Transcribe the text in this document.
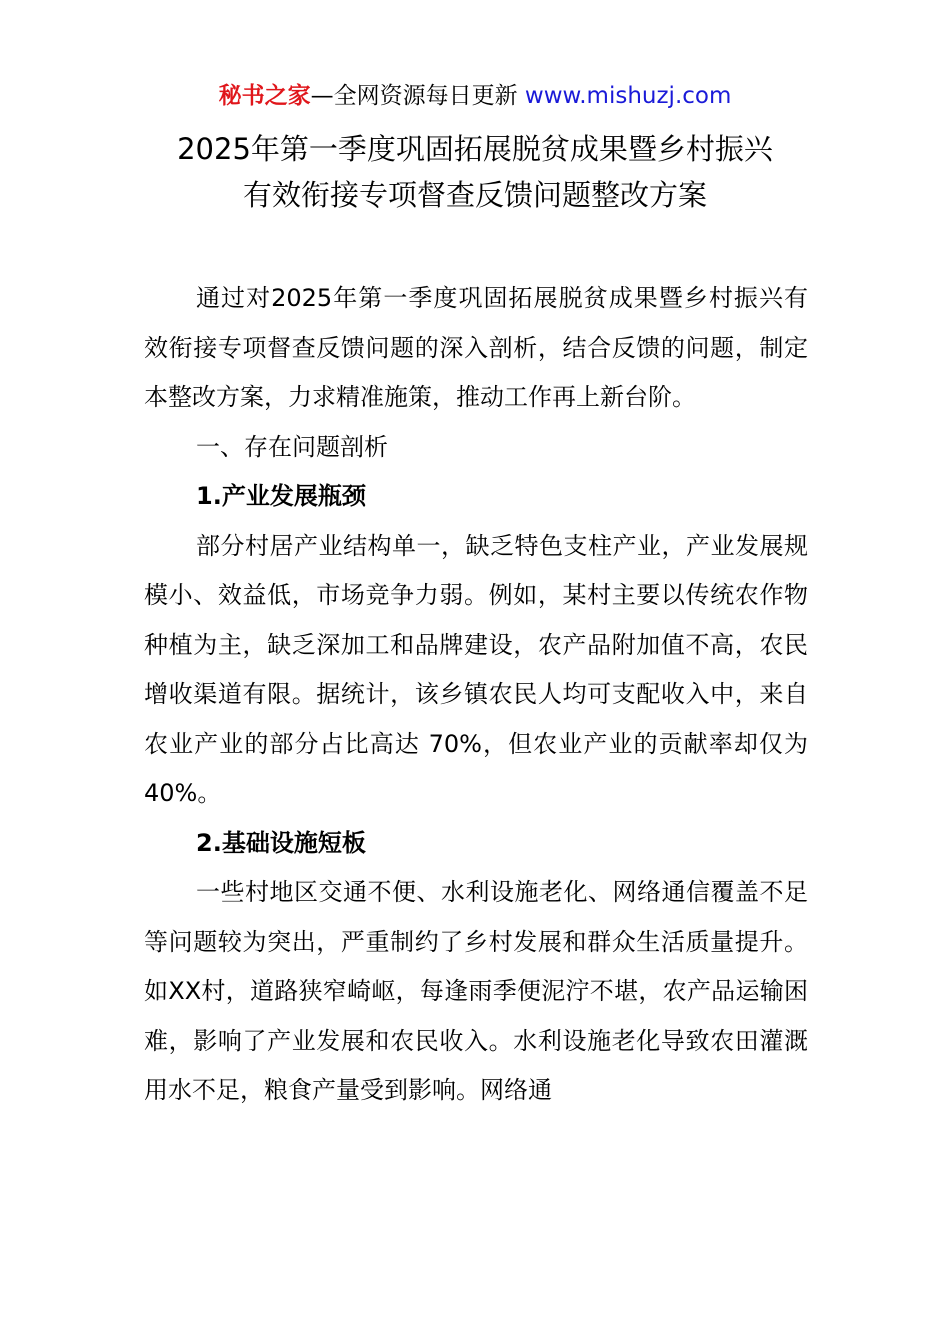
秘书之家—全网资源每日更新 www.mishuzj.com
2025年第一季度巩固拓展脱贫成果暨乡村振兴
有效衔接专项督查反馈问题整改方案

通过对2025年第一季度巩固拓展脱贫成果暨乡村振兴有效衔接专项督查反馈问题的深入剖析，结合反馈的问题，制定本整改方案，力求精准施策，推动工作再上新台阶。

一、存在问题剖析

1.产业发展瓶颈

部分村居产业结构单一，缺乏特色支柱产业，产业发展规模小、效益低，市场竞争力弱。例如，某村主要以传统农作物种植为主，缺乏深加工和品牌建设，农产品附加值不高，农民增收渠道有限。据统计，该乡镇农民人均可支配收入中，来自农业产业的部分占比高达 70%，但农业产业的贡献率却仅为 40%。

2.基础设施短板

一些村地区交通不便、水利设施老化、网络通信覆盖不足等问题较为突出，严重制约了乡村发展和群众生活质量提升。如XX村，道路狭窄崎岖，每逢雨季便泥泞不堪，农产品运输困难，影响了产业发展和农民收入。水利设施老化导致农田灌溉用水不足，粮食产量受到影响。网络通
